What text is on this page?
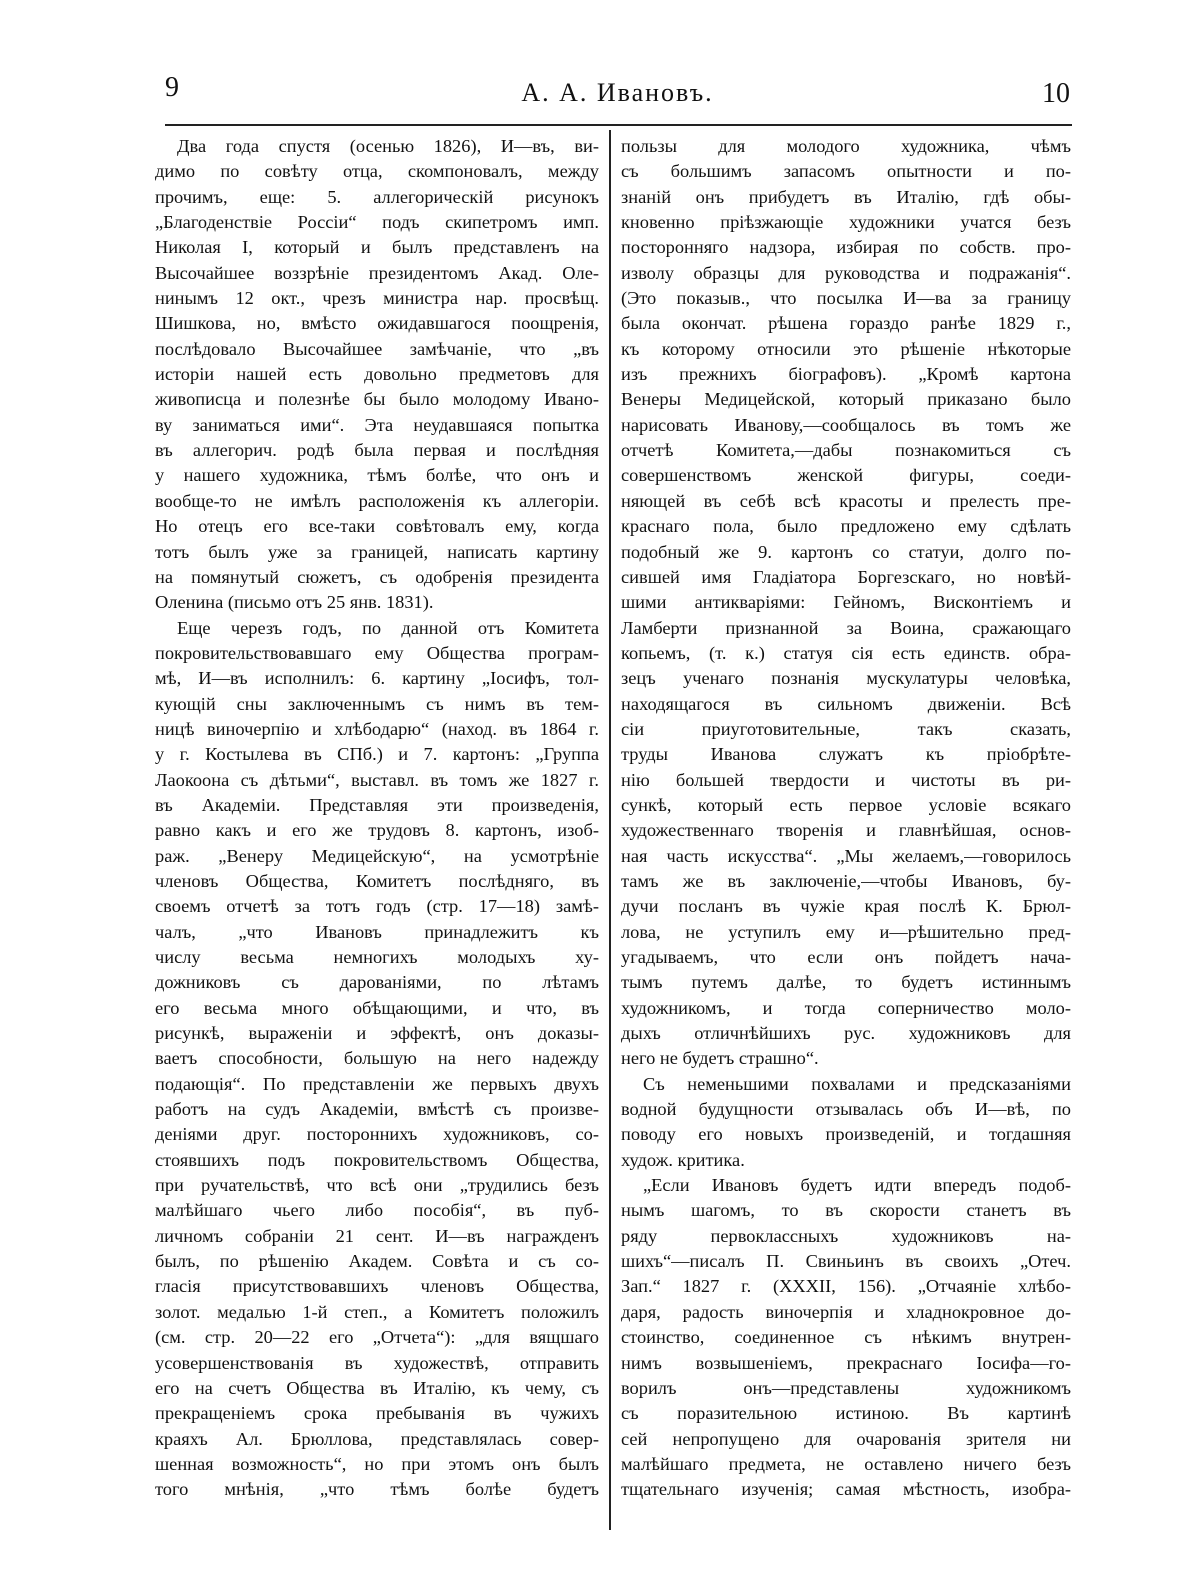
9	А. А. Ивановъ.	10
Два года спустя (осенью 1826), И—въ, ви-
димо по совѣту отца, скомпоновалъ, между
прочимъ, еще: 5. аллегорическій рисунокъ
„Благоденствіе Россіи“ подъ скипетромъ имп.
Николая I, который и былъ представленъ на
Высочайшее воззрѣніе президентомъ Акад. Оле-
нинымъ 12 окт., чрезъ министра нар. просвѣщ.
Шишкова, но, вмѣсто ожидавшагося поощренія,
послѣдовало Высочайшее замѣчаніе, что „въ
исторіи нашей есть довольно предметовъ для
живописца и полезнѣе бы было молодому Ивано-
ву заниматься ими“. Эта неудавшаяся попытка
въ аллегорич. родѣ была первая и послѣдняя
у нашего художника, тѣмъ болѣе, что онъ и
вообще-то не имѣлъ расположенія къ аллегоріи.
Но отецъ его все-таки совѣтовалъ ему, когда
тотъ былъ уже за границей, написать картину
на помянутый сюжетъ, съ одобренія президента
Оленина (письмо отъ 25 янв. 1831).
Еще черезъ годъ, по данной отъ Комитета
покровительствовавшаго ему Общества програм-
мѣ, И—въ исполнилъ: 6. картину „Іосифъ, тол-
кующій сны заключеннымъ съ нимъ въ тем-
ницѣ виночерпію и хлѣбодарю“ (наход. въ 1864 г.
у г. Костылева въ СПб.) и 7. картонъ: „Группа
Лаокоона съ дѣтьми“, выставл. въ томъ же 1827 г.
въ Академіи. Представляя эти произведенія,
равно какъ и его же трудовъ 8. картонъ, изоб-
раж. „Венеру Медицейскую“, на усмотрѣніе
членовъ Общества, Комитетъ послѣдняго, въ
своемъ отчетѣ за тотъ годъ (стр. 17—18) замѣ-
чалъ, „что Ивановъ принадлежитъ къ
числу весьма немногихъ молодыхъ ху-
дожниковъ съ дарованіями, по лѣтамъ
его весьма много обѣщающими, и что, въ
рисункѣ, выраженіи и эффектѣ, онъ доказы-
ваетъ способности, большую на него надежду
подающія“. По представленіи же первыхъ двухъ
работъ на судъ Академіи, вмѣстѣ съ произве-
деніями друг. постороннихъ художниковъ, со-
стоявшихъ подъ покровительствомъ Общества,
при ручательствѣ, что всѣ они „трудились безъ
малѣйшаго чьего либо пособія“, въ пуб-
личномъ собраніи 21 сент. И—въ награжденъ
былъ, по рѣшенію Академ. Совѣта и съ со-
гласія присутствовавшихъ членовъ Общества,
золот. медалью 1-й степ., а Комитетъ положилъ
(см. стр. 20—22 его „Отчета“): „для вящшаго
усовершенствованія въ художествѣ, отправить
его на счетъ Общества въ Италію, къ чему, съ
прекращеніемъ срока пребыванія въ чужихъ
краяхъ Ал. Брюллова, представлялась совер-
шенная возможность“, но при этомъ онъ былъ
того мнѣнія, „что тѣмъ болѣе будетъ
пользы для молодого художника, чѣмъ
съ большимъ запасомъ опытности и по-
знаній онъ прибудетъ въ Италію, гдѣ обы-
кновенно пріѣзжающіе художники учатся безъ
посторонняго надзора, избирая по собств. про-
изволу образцы для руководства и подражанія“.
(Это показыв., что посылка И—ва за границу
была окончат. рѣшена гораздо ранѣе 1829 г.,
къ которому относили это рѣшеніе нѣкоторые
изъ прежнихъ біографовъ). „Кромѣ картона
Венеры Медицейской, который приказано было
нарисовать Иванову,—сообщалось въ томъ же
отчетѣ Комитета,—дабы познакомиться съ
совершенствомъ женской фигуры, соеди-
няющей въ себѣ всѣ красоты и прелесть пре-
краснаго пола, было предложено ему сдѣлать
подобный же 9. картонъ со статуи, долго по-
сившей имя Гладіатора Боргезскаго, но новѣй-
шими антикваріями: Гейномъ, Висконтіемъ и
Ламберти признанной за Воина, сражающаго
копьемъ, (т. к.) статуя сія есть единств. обра-
зецъ ученаго познанія мускулатуры человѣка,
находящагося въ сильномъ движеніи. Всѣ
сіи приуготовительные, такъ сказать,
труды Иванова служатъ къ пріобрѣте-
нію большей твердости и чистоты въ ри-
сункѣ, который есть первое условіе всякаго
художественнаго творенія и главнѣйшая, основ-
ная часть искусства“. „Мы желаемъ,—говорилось
тамъ же въ заключеніе,—чтобы Ивановъ, бу-
дучи посланъ въ чужіе края послѣ К. Брюл-
лова, не уступилъ ему и—рѣшительно пред-
угадываемъ, что если онъ пойдетъ нача-
тымъ путемъ далѣе, то будетъ истиннымъ
художникомъ, и тогда соперничество моло-
дыхъ отличнѣйшихъ рус. художниковъ для
него не будетъ страшно“.
Съ неменьшими похвалами и предсказаніями
водной будущности отзывалась объ И—вѣ, по
поводу его новыхъ произведеній, и тогдашняя
худож. критика.
„Если Ивановъ будетъ идти впередъ подоб-
нымъ шагомъ, то въ скорости станетъ въ
ряду первоклассныхъ художниковъ на-
шихъ“—писалъ П. Свиньинъ въ своихъ „Отеч.
Зап.“ 1827 г. (XXXII, 156). „Отчаяніе хлѣбо-
даря, радость виночерпія и хладнокровное до-
стоинство, соединенное съ нѣкимъ внутрен-
нимъ возвышеніемъ, прекраснаго Іосифа—го-
ворилъ онъ—представлены художникомъ
съ поразительною истиною. Въ картинѣ
сей непропущено для очарованія зрителя ни
малѣйшаго предмета, не оставлено ничего безъ
тщательнаго изученія; самая мѣстность, изобра-
